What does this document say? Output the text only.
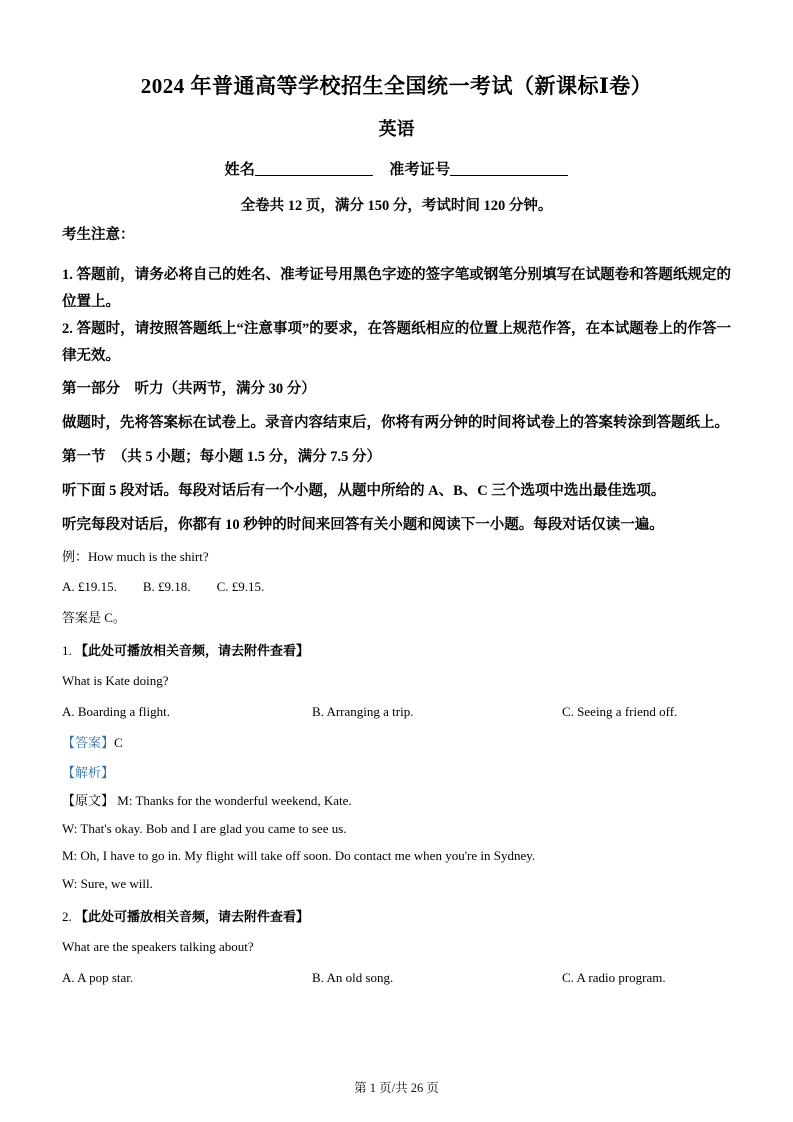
2024 年普通高等学校招生全国统一考试（新课标Ⅰ卷）
英语
姓名	准考证号
全卷共 12 页，满分 150 分，考试时间 120 分钟。
考生注意：

1. 答题前，请务必将自己的姓名、准考证号用黑色字迹的签字笔或钢笔分别填写在试题卷和答题纸规定的位置上。

2. 答题时，请按照答题纸上“注意事项”的要求，在答题纸相应的位置上规范作答，在本试题卷上的作答一律无效。

第一部分　听力（共两节，满分 30 分）
做题时，先将答案标在试卷上。录音内容结束后，你将有两分钟的时间将试卷上的答案转涂到答题纸上。
第一节　（共 5 小题；每小题 1.5 分，满分 7.5 分）
听下面 5 段对话。每段对话后有一个小题，从题中所给的 A、B、C 三个选项中选出最佳选项。
听完每段对话后，你都有 10 秒钟的时间来回答有关小题和阅读下一小题。每段对话仅读一遍。
例：How much is the shirt?
A. £19.15. B. £9.18. C. £9.15.
答案是 C。
1. 【此处可播放相关音频，请去附件查看】
What is Kate doing?
A. Boarding a flight.	B. Arranging a trip.	C. Seeing a friend off.
【答案】C
【解析】
【原文】 M: Thanks for the wonderful weekend, Kate.
W: That's okay. Bob and I are glad you came to see us.
M: Oh, I have to go in. My flight will take off soon. Do contact me when you're in Sydney.
W: Sure, we will.
2. 【此处可播放相关音频，请去附件查看】
What are the speakers talking about?
A. A pop star.	B. An old song.	C. A radio program.
第 1 页/共 26 页
